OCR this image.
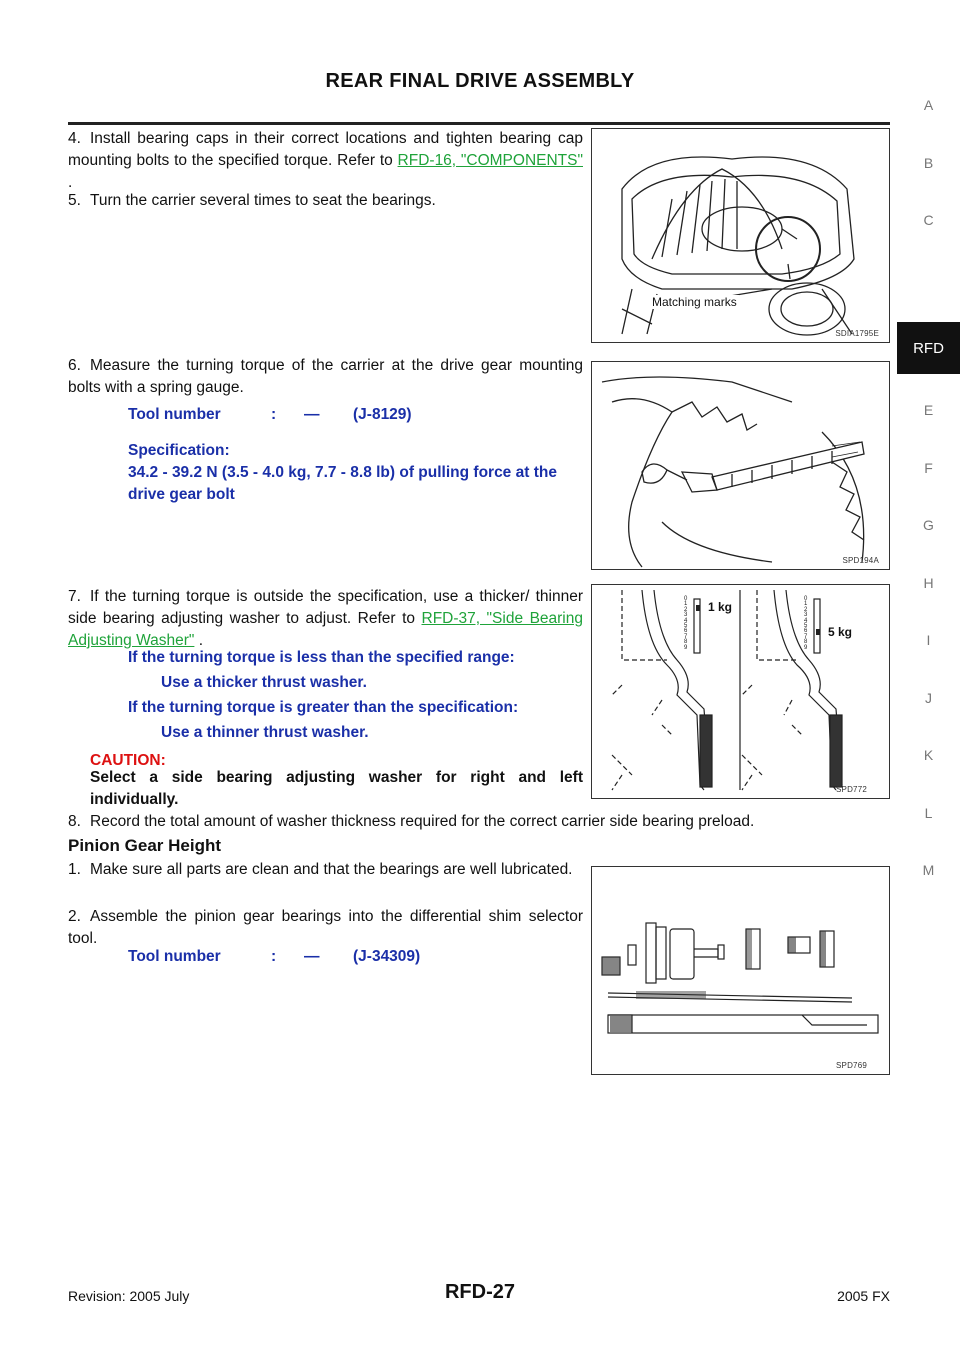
REAR FINAL DRIVE ASSEMBLY
A
B
C
E
F
G
H
I
J
K
L
M
RFD
4. Install bearing caps in their correct locations and tighten bearing cap mounting bolts to the specified torque. Refer to RFD-16, "COMPONENTS" .
5. Turn the carrier several times to seat the bearings.
6. Measure the turning torque of the carrier at the drive gear mounting bolts with a spring gauge.
Tool number	:	—	(J-8129)
Specification:
34.2 - 39.2 N (3.5 - 4.0 kg, 7.7 - 8.8 lb) of pulling force at the drive gear bolt
7. If the turning torque is outside the specification, use a thicker/ thinner side bearing adjusting washer to adjust. Refer to RFD-37, "Side Bearing Adjusting Washer" .
If the turning torque is less than the specified range:
Use a thicker thrust washer.
If the turning torque is greater than the specification:
Use a thinner thrust washer.
CAUTION:
Select a side bearing adjusting washer for right and left individually.
8. Record the total amount of washer thickness required for the correct carrier side bearing preload.
Pinion Gear Height
1. Make sure all parts are clean and that the bearings are well lubricated.
2. Assemble the pinion gear bearings into the differential shim selector tool.
Tool number	:	—	(J-34309)
Matching marks
SDIA1795E
SPD194A
0
1
2
3
4
5
6
7
8
9
0
1
2
3
4
5
6
7
8
9
1 kg
5 kg
SPD772
SPD769
Revision: 2005 July	RFD-27	2005 FX
